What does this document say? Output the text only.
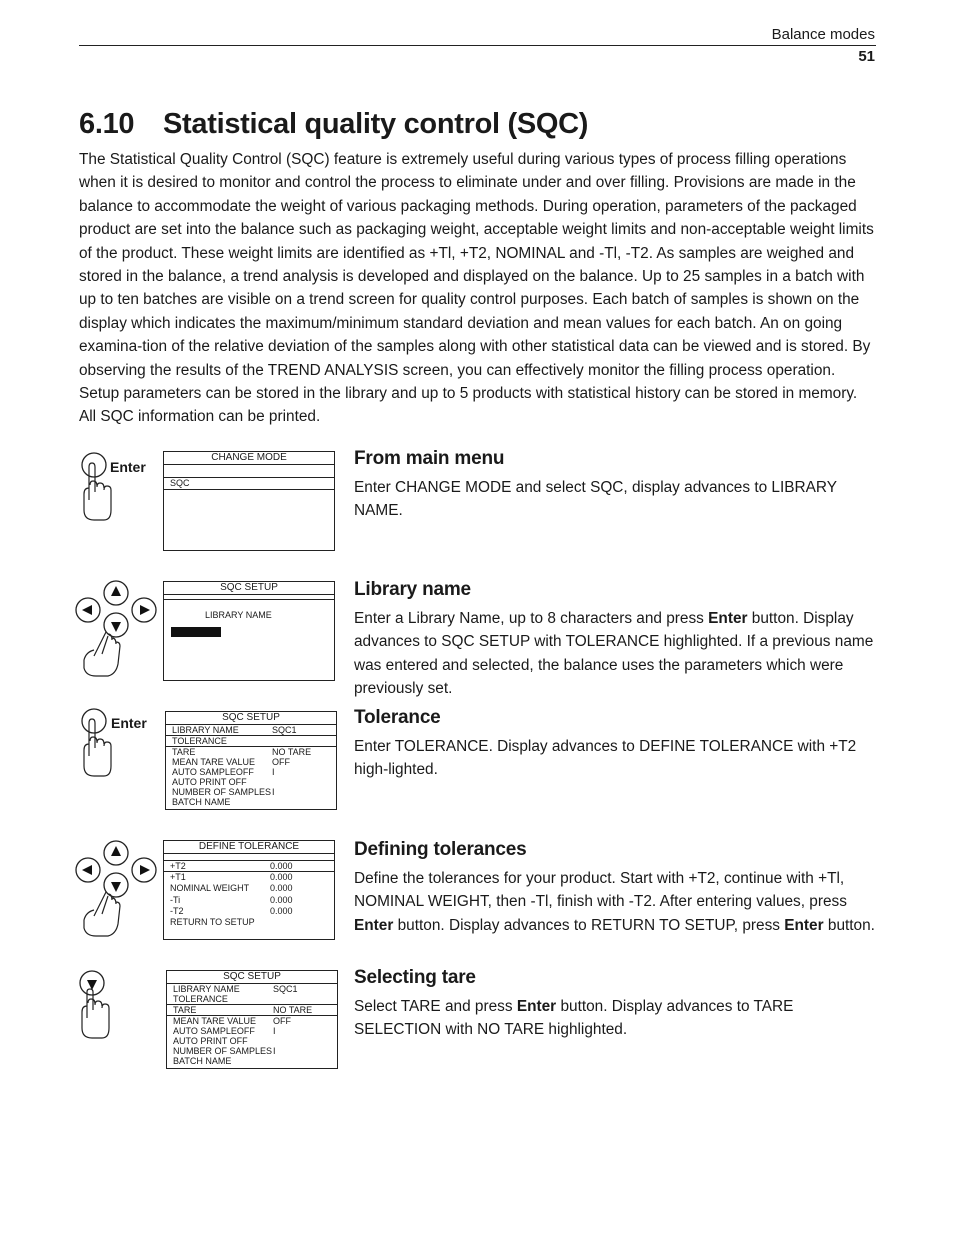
Balance modes
51
6.10 Statistical quality control (SQC)

The Statistical Quality Control (SQC) feature is extremely useful during various types of process filling operations when it is desired to monitor and control the process to eliminate under and over filling. Provisions are made in the balance to accommodate the weight of various packaging methods. During operation, parameters of the packaged product are set into the balance such as packaging weight, acceptable weight limits and non-acceptable weight limits of the product. These weight limits are identified as +Tl, +T2, NOMINAL and -Tl, -T2. As samples are weighed and stored in the balance, a trend analysis is developed and displayed on the balance. Up to 25 samples in a batch with up to ten batches are visible on a trend screen for quality control purposes. Each batch of samples is shown on the display which indicates the maximum/minimum standard deviation and mean values for each batch. An on going examina-tion of the relative deviation of the samples along with other statistical data can be viewed and is stored. By observing the results of the TREND ANALYSIS screen, you can effectively monitor the filling process operation. Setup parameters can be stored in the library and up to 5 products with statistical history can be stored in memory. All SQC information can be printed.

Enter
CHANGE MODE
SQC
From main menu

Enter CHANGE MODE and select SQC, display advances to LIBRARY NAME.

SQC SETUP
LIBRARY NAME
Library name

Enter a Library Name, up to 8 characters and press Enter button. Display advances to SQC SETUP with TOLERANCE highlighted. If a previous name was entered and selected, the balance uses the parameters which were previously set.

Enter	SQC SETUP
LIBRARY NAME	SQC1
TOLERANCE
TARE	NO TARE
MEAN TARE VALUE	OFF
AUTO SAMPLEOFF	I
AUTO PRINT OFF
NUMBER OF SAMPLES I
BATCH NAME
Tolerance

Enter TOLERANCE. Display advances to DEFINE TOLERANCE with +T2 high-lighted.

DEFINE TOLERANCE
+T2	0.000
+T1	0.000
NOMINAL WEIGHT	0.000
-Ti	0.000
-T2	0.000
RETURN TO SETUP
Defining tolerances

Define the tolerances for your product. Start with +T2, continue with +Tl, NOMINAL WEIGHT, then -Tl, finish with -T2. After entering values, press Enter button. Display advances to RETURN TO SETUP, press Enter button.

SQC SETUP
LIBRARY NAME	SQC1
TOLERANCE
TARE	NO TARE
MEAN TARE VALUE	OFF
AUTO SAMPLEOFF	I
AUTO PRINT OFF
NUMBER OF SAMPLES I
BATCH NAME
Selecting tare

Select TARE and press Enter button. Display advances to TARE SELECTION with NO TARE highlighted.
